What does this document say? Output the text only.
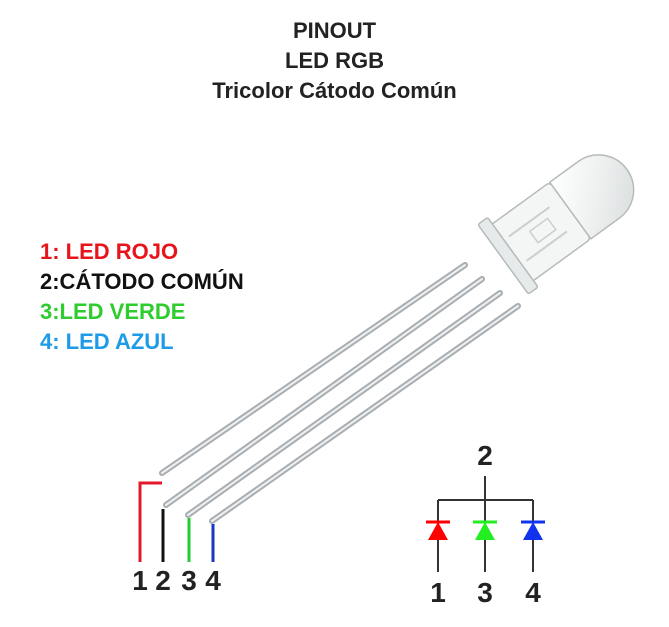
PINOUT
LED RGB
Tricolor Cátodo Común
1: LED ROJO
2:CÁTODO COMÚN
3:LED VERDE
4: LED AZUL
1 2 3 4
2
1 3 4
